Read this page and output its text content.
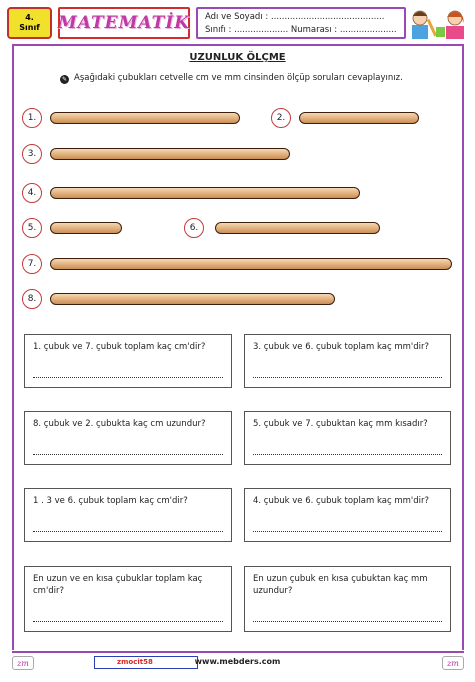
4.
Sınıf MATEMATİK Adı ve Soyadı : ..........................................
Sınıfı : .................... Numarası : .....................
UZUNLUK ÖLÇME
✎ Aşağıdaki çubukları cetvelle cm ve mm cinsinden ölçüp soruları cevaplayınız.
1.	2.
3.
4.
5.	6.
7.
8.
1. çubuk ve 7. çubuk toplam kaç cm'dir?	3. çubuk ve 6. çubuk toplam kaç mm'dir?
8. çubuk ve 2. çubukta kaç cm uzundur?	5. çubuk ve 7. çubuktan kaç mm kısadır?
1 . 3 ve 6. çubuk toplam kaç cm'dir?	4. çubuk ve 6. çubuk toplam kaç mm'dir?
En uzun ve en kısa çubuklar toplam kaç cm'dir?
En uzun çubuk en kısa çubuktan kaç mm uzundur?
zm	zmocit58	www.mebders.com	zm
